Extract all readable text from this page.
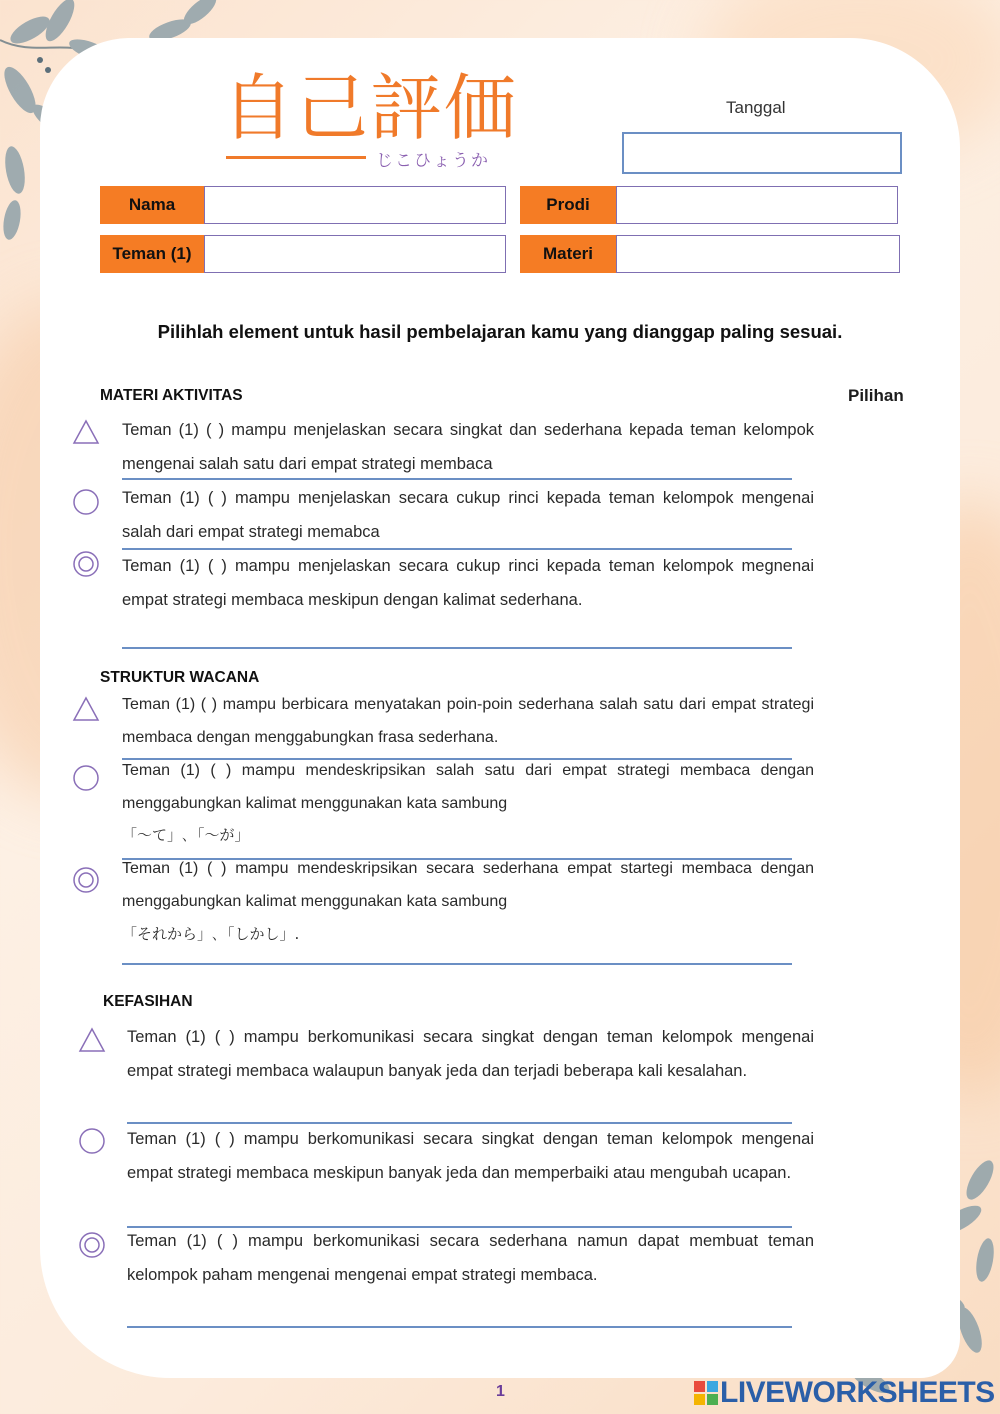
自己評価
じこひょうか
Tanggal
Nama	Prodi
Teman (1)	Materi
Pilihlah element untuk hasil pembelajaran kamu yang dianggap paling sesuai.
MATERI AKTIVITAS	Pilihan
Teman (1) ( ) mampu menjelaskan secara singkat dan sederhana kepada teman kelompok mengenai salah satu dari empat strategi membaca
Teman (1) ( ) mampu menjelaskan secara cukup rinci kepada teman kelompok mengenai salah dari empat strategi memabca
Teman (1) ( ) mampu menjelaskan secara cukup rinci kepada teman kelompok megnenai empat strategi membaca meskipun dengan kalimat sederhana.
STRUKTUR WACANA
Teman (1) ( ) mampu berbicara menyatakan poin-poin sederhana salah satu dari empat strategi membaca dengan menggabungkan frasa sederhana.
Teman (1) ( ) mampu mendeskripsikan salah satu dari empat strategi membaca dengan menggabungkan kalimat menggunakan kata sambung
「〜て」､「〜が」
Teman (1) ( ) mampu mendeskripsikan secara sederhana empat startegi membaca dengan menggabungkan kalimat menggunakan kata sambung
「それから」､「しかし」.
KEFASIHAN
Teman (1) ( ) mampu berkomunikasi secara singkat dengan teman kelompok mengenai empat strategi membaca walaupun banyak jeda dan terjadi beberapa kali kesalahan.
Teman (1) ( ) mampu berkomunikasi secara singkat dengan teman kelompok mengenai empat strategi membaca meskipun banyak jeda dan memperbaiki atau mengubah ucapan.
Teman (1) ( ) mampu berkomunikasi secara sederhana namun dapat membuat teman kelompok paham mengenai mengenai empat strategi membaca.
1	LIVEWORKSHEETS
